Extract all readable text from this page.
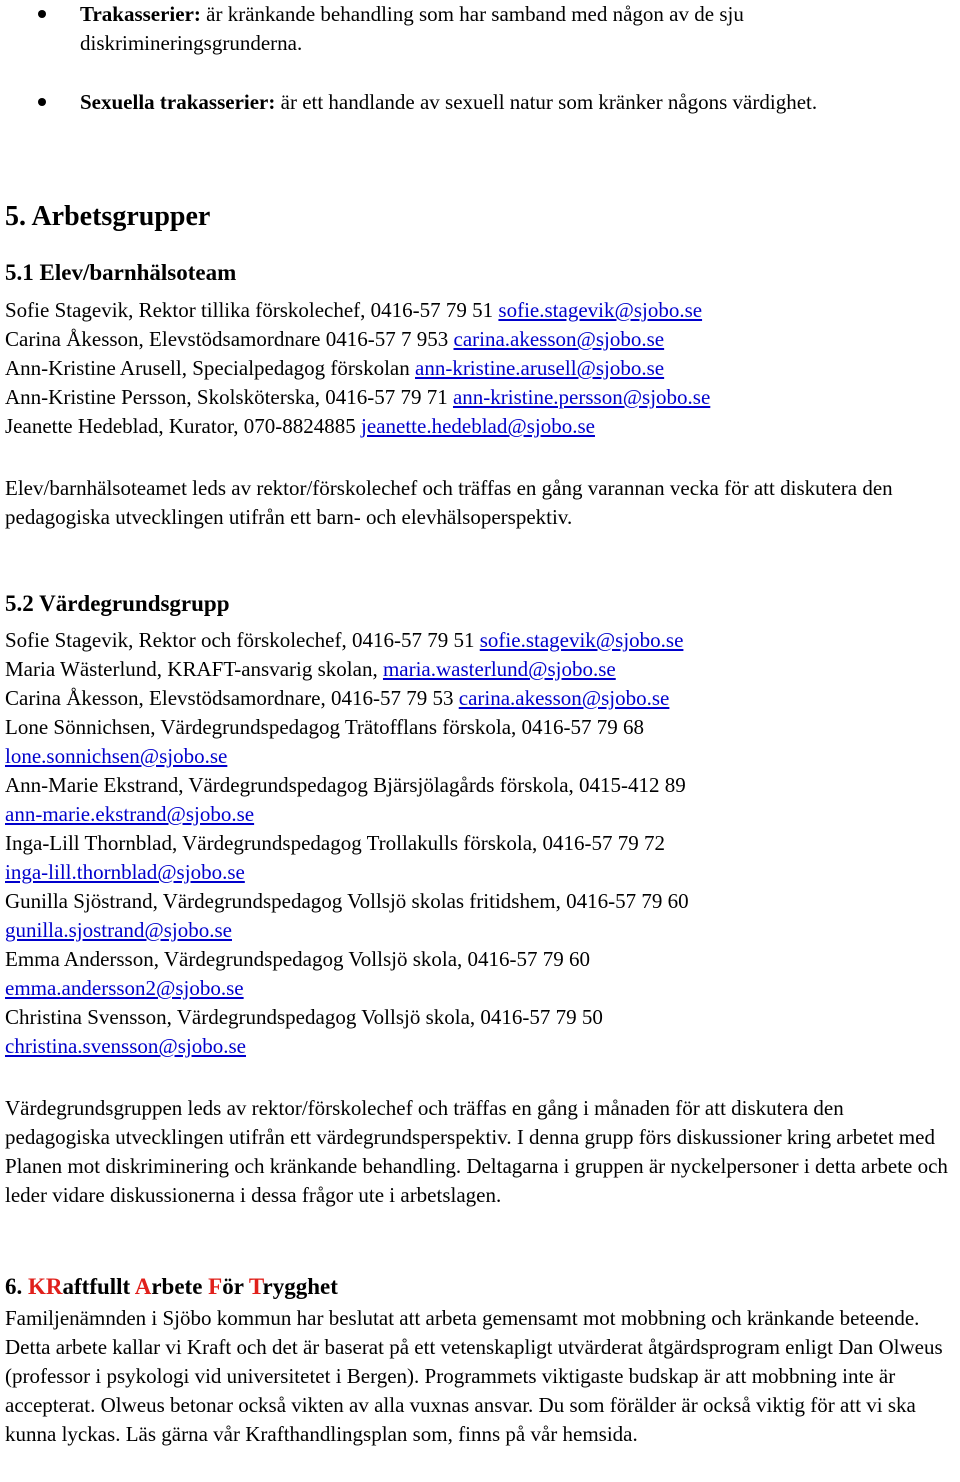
Trakasserier: är kränkande behandling som har samband med någon av de sju diskrimineringsgrunderna.
Sexuella trakasserier: är ett handlande av sexuell natur som kränker någons värdighet.
5. Arbetsgrupper
5.1 Elev/barnhälsoteam
Sofie Stagevik, Rektor tillika förskolechef, 0416-57 79 51 sofie.stagevik@sjobo.se
Carina Åkesson, Elevstödsamordnare 0416-57 7 953 carina.akesson@sjobo.se
Ann-Kristine Arusell, Specialpedagog förskolan ann-kristine.arusell@sjobo.se
Ann-Kristine Persson, Skolsköterska, 0416-57 79 71 ann-kristine.persson@sjobo.se
Jeanette Hedeblad, Kurator, 070-8824885 jeanette.hedeblad@sjobo.se
Elev/barnhälsoteamet leds av rektor/förskolechef och träffas en gång varannan vecka för att diskutera den pedagogiska utvecklingen utifrån ett barn- och elevhälsoperspektiv.
5.2 Värdegrundsgrupp
Sofie Stagevik, Rektor och förskolechef, 0416-57 79 51 sofie.stagevik@sjobo.se
Maria Wästerlund, KRAFT-ansvarig skolan, maria.wasterlund@sjobo.se
Carina Åkesson, Elevstödsamordnare, 0416-57 79 53 carina.akesson@sjobo.se
Lone Sönnichsen, Värdegrundspedagog Trätofflans förskola, 0416-57 79 68
lone.sonnichsen@sjobo.se
Ann-Marie Ekstrand, Värdegrundspedagog Bjärsjölagårds förskola, 0415-412 89
ann-marie.ekstrand@sjobo.se
Inga-Lill Thornblad, Värdegrundspedagog Trollakulls förskola, 0416-57 79 72
inga-lill.thornblad@sjobo.se
Gunilla Sjöstrand, Värdegrundspedagog Vollsjö skolas fritidshem, 0416-57 79 60
gunilla.sjostrand@sjobo.se
Emma Andersson, Värdegrundspedagog Vollsjö skola, 0416-57 79 60
emma.andersson2@sjobo.se
Christina Svensson, Värdegrundspedagog Vollsjö skola, 0416-57 79 50
christina.svensson@sjobo.se
Värdegrundsgruppen leds av rektor/förskolechef och träffas en gång i månaden för att diskutera den pedagogiska utvecklingen utifrån ett värdegrundsperspektiv. I denna grupp förs diskussioner kring arbetet med Planen mot diskriminering och kränkande behandling. Deltagarna i gruppen är nyckelpersoner i detta arbete och leder vidare diskussionerna i dessa frågor ute i arbetslagen.
6. KRaftfullt Arbete För Trygghet
Familjenämnden i Sjöbo kommun har beslutat att arbeta gemensamt mot mobbning och kränkande beteende. Detta arbete kallar vi Kraft och det är baserat på ett vetenskapligt utvärderat åtgärdsprogram enligt Dan Olweus (professor i psykologi vid universitetet i Bergen). Programmets viktigaste budskap är att mobbning inte är accepterat. Olweus betonar också vikten av alla vuxnas ansvar. Du som förälder är också viktig för att vi ska kunna lyckas. Läs gärna vår Krafthandlingsplan som, finns på vår hemsida.
